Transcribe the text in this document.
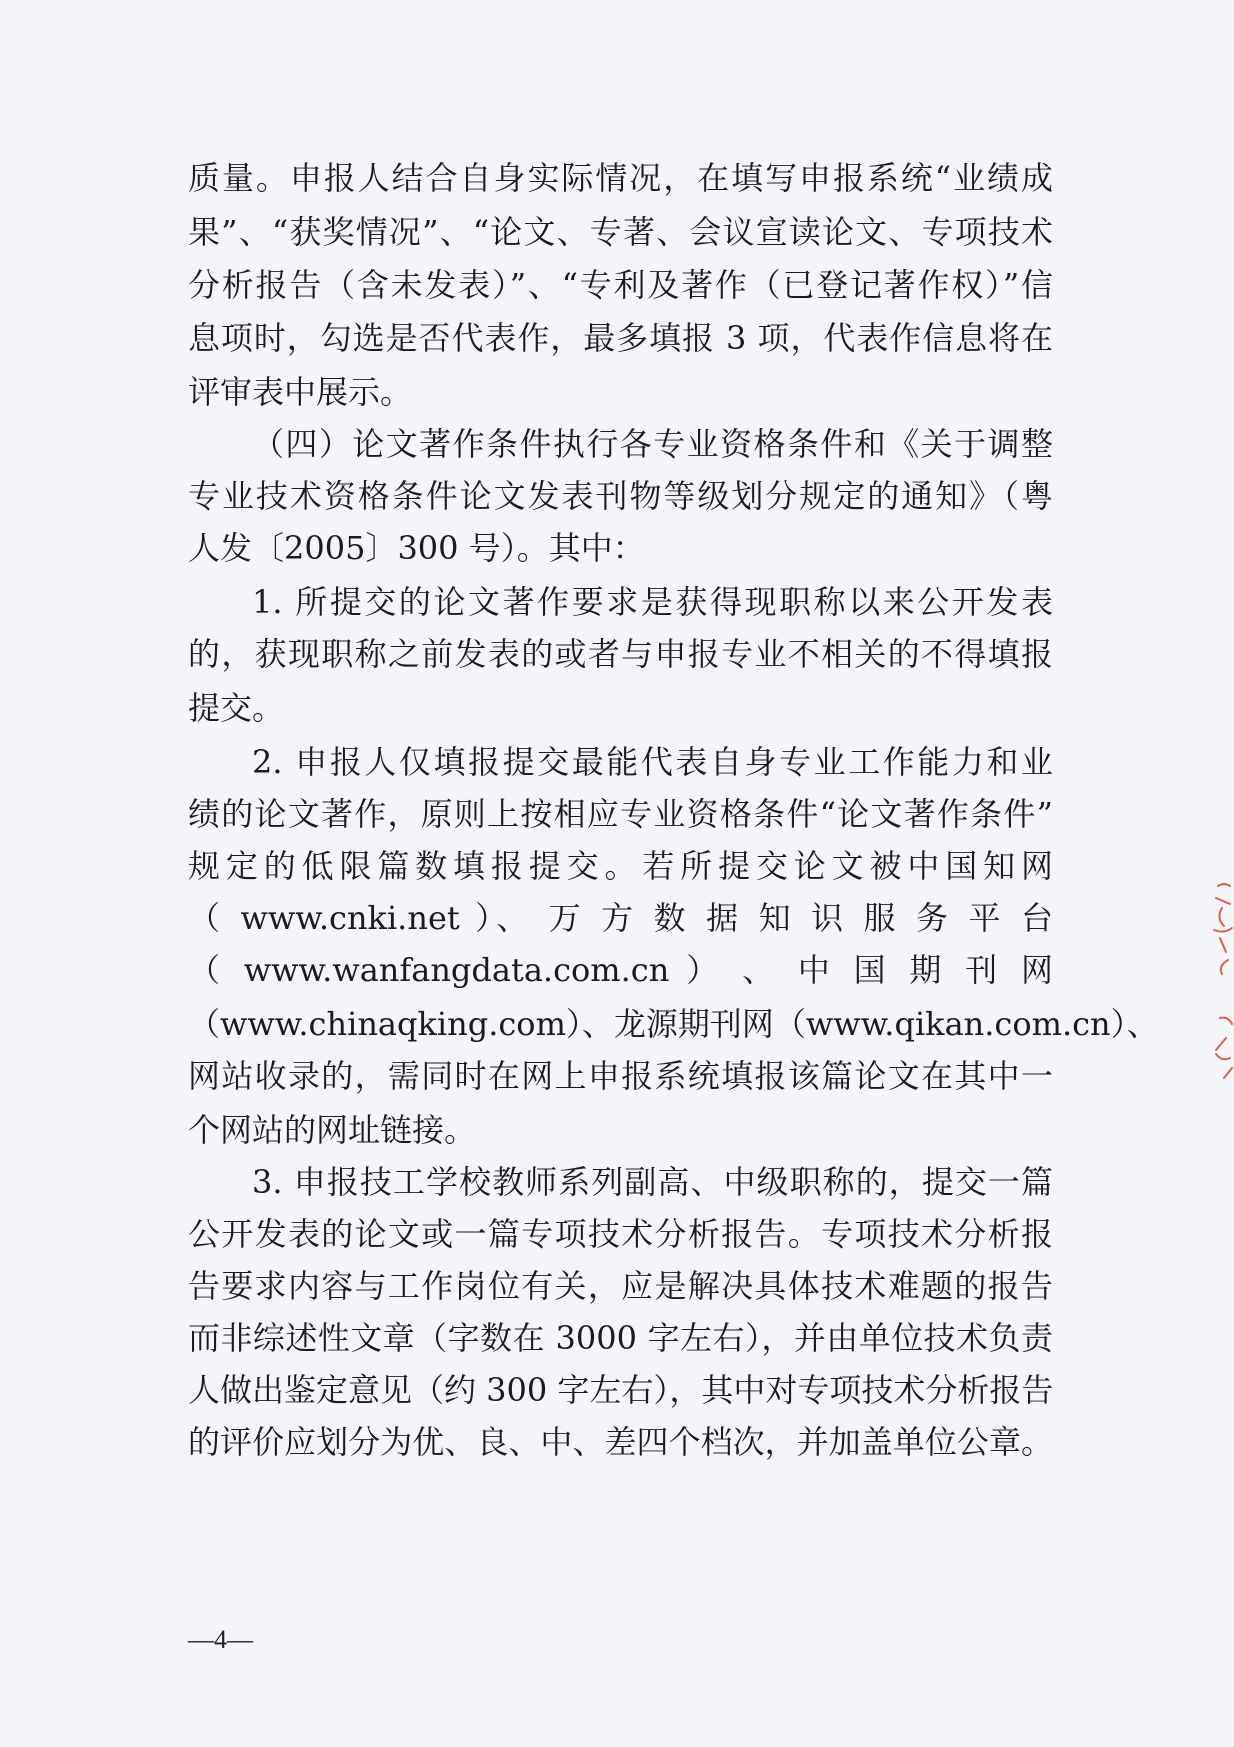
质量。申报人结合自身实际情况，在填写申报系统“业绩成
果”、“获奖情况”、“论文、专著、会议宣读论文、专项技术
分析报告（含未发表）”、“专利及著作（已登记著作权）”信
息项时，勾选是否代表作，最多填报 3 项，代表作信息将在
评审表中展示。
（四）论文著作条件执行各专业资格条件和《关于调整
专业技术资格条件论文发表刊物等级划分规定的通知》（粤
人发〔2005〕300 号）。其中：
1. 所提交的论文著作要求是获得现职称以来公开发表
的，获现职称之前发表的或者与申报专业不相关的不得填报
提交。
2. 申报人仅填报提交最能代表自身专业工作能力和业
绩的论文著作，原则上按相应专业资格条件“论文著作条件”
规定的低限篇数填报提交。若所提交论文被中国知网
（ www.cnki.net ）、 万 方 数 据 知 识 服 务 平 台
（ www.wanfangdata.com.cn ） 、 中 国 期 刊 网
（www.chinaqking.com）、龙源期刊网（www.qikan.com.cn）、
网站收录的，需同时在网上申报系统填报该篇论文在其中一
个网站的网址链接。
3. 申报技工学校教师系列副高、中级职称的，提交一篇
公开发表的论文或一篇专项技术分析报告。专项技术分析报
告要求内容与工作岗位有关，应是解决具体技术难题的报告
而非综述性文章（字数在 3000 字左右），并由单位技术负责
人做出鉴定意见（约 300 字左右），其中对专项技术分析报告
的评价应划分为优、良、中、差四个档次，并加盖单位公章。
—4—
